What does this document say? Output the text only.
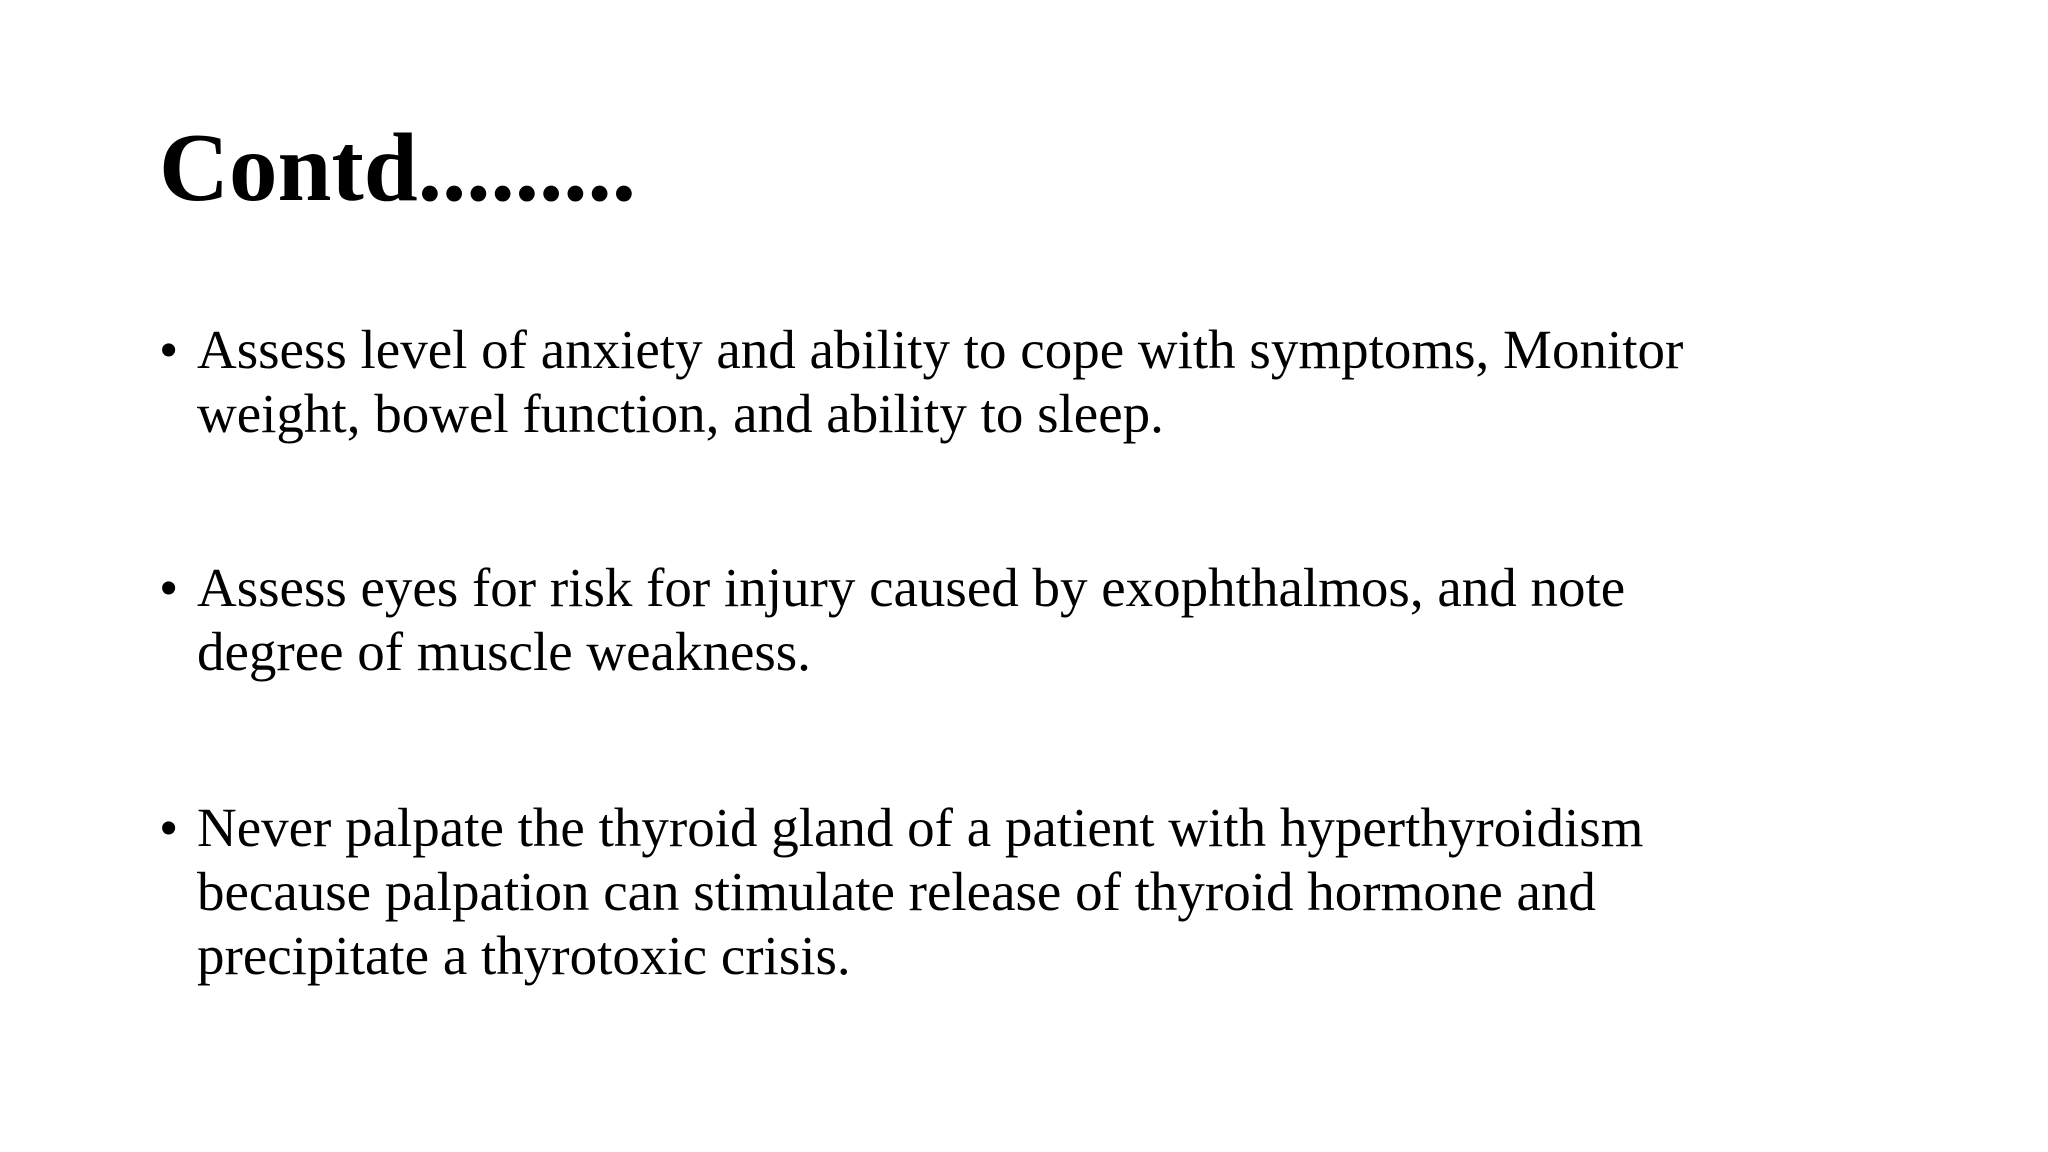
Contd.........
• Assess level of anxiety and ability to cope with symptoms, Monitor
weight, bowel function, and ability to sleep.
• Assess eyes for risk for injury caused by exophthalmos, and note
degree of muscle weakness.
• Never palpate the thyroid gland of a patient with hyperthyroidism
because palpation can stimulate release of thyroid hormone and
precipitate a thyrotoxic crisis.
